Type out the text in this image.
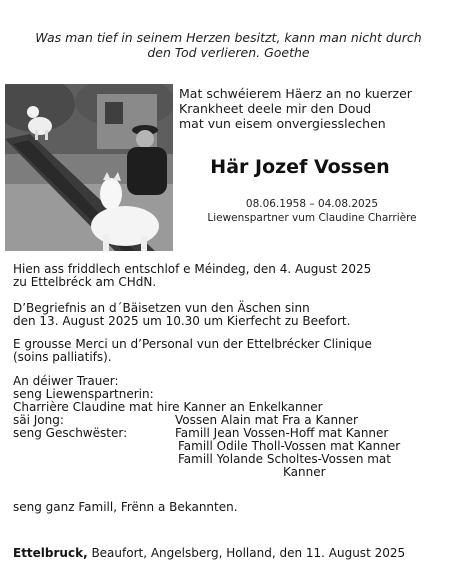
Was man tief in seinem Herzen besitzt, kann man nicht durch
den Tod verlieren. Goethe
Mat schwéierem Häerz an no kuerzer
Krankheet deele mir den Doud
mat vun eisem onvergiesslechen
Här Jozef Vossen
08.06.1958 – 04.08.2025
Liewenspartner vum Claudine Charrière
Hien ass friddlech entschlof e Méindeg, den 4. August 2025
zu Ettelbréck am CHdN.
D’Begriefnis an d´Bäisetzen vun den Äschen sinn
den 13. August 2025 um 10.30 um Kierfecht zu Beefort.
E grousse Merci un d’Personal vun der Ettelbrécker Clinique
(soins palliatifs).
An déiwer Trauer:
seng Liewenspartnerin:
Charrière Claudine mat hire Kanner an Enkelkanner
säi Jong:	Vossen Alain mat Fra a Kanner
seng Geschwëster:	Famill Jean Vossen-Hoff mat Kanner
Famill Odile Tholl-Vossen mat Kanner
Famill Yolande Scholtes-Vossen mat
Kanner
seng ganz Famill, Frënn a Bekannten.
Ettelbruck, Beaufort, Angelsberg, Holland, den 11. August 2025
